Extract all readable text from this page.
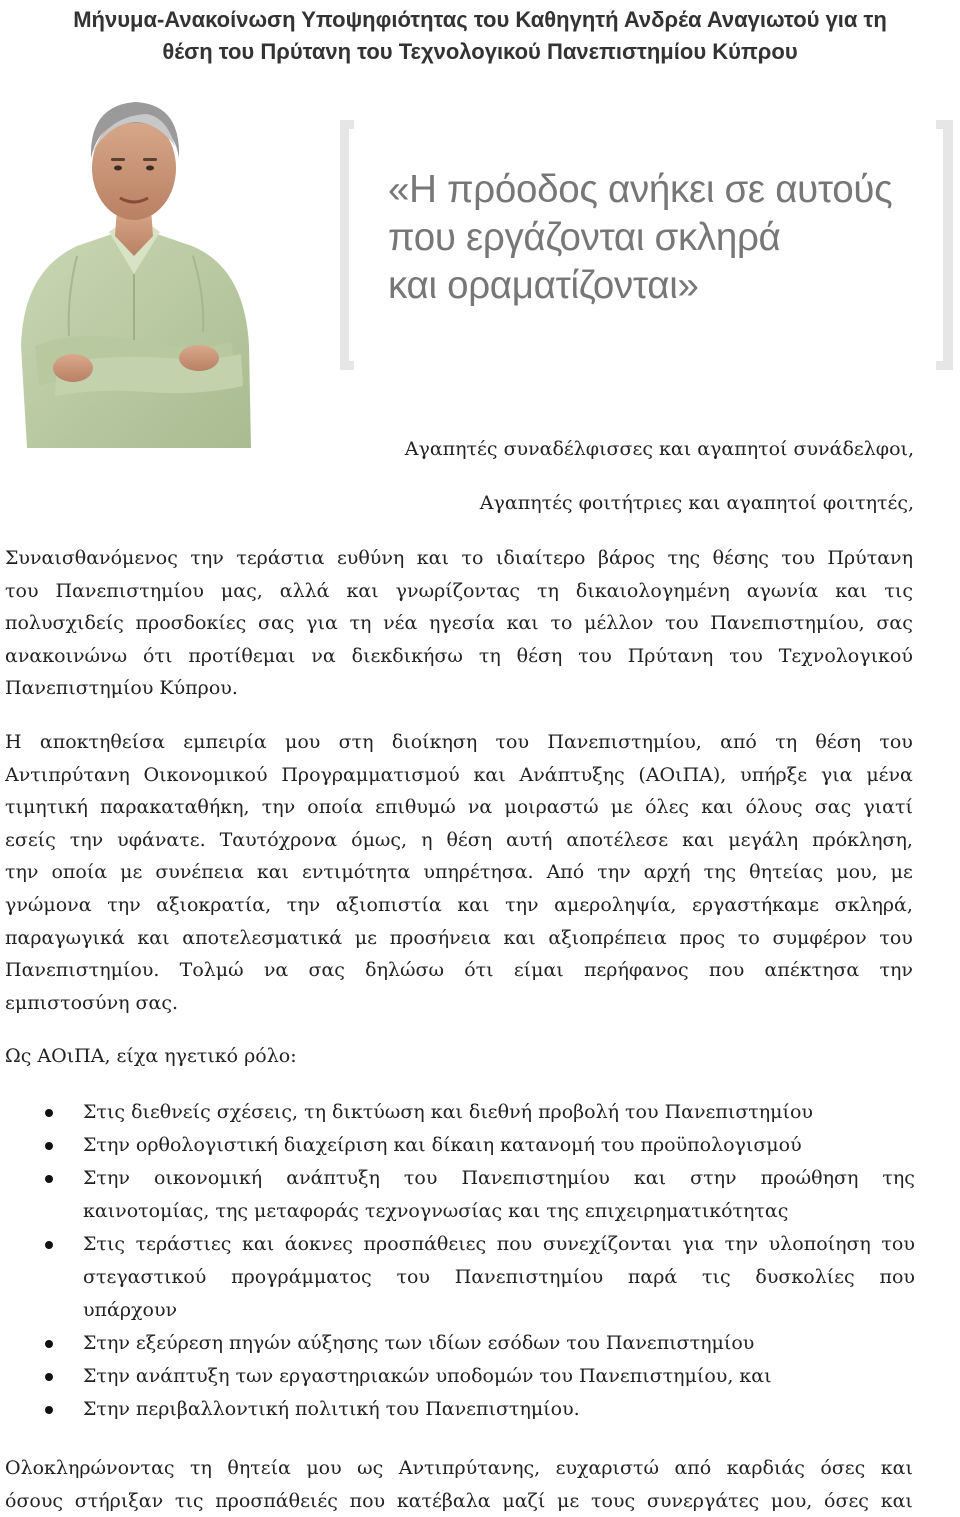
Μήνυμα-Ανακοίνωση Υποψηφιότητας του Καθηγητή Ανδρέα Αναγιωτού για τη
θέση του Πρύτανη του Τεχνολογικού Πανεπιστημίου Κύπρου
«Η πρόοδος ανήκει σε αυτούς
που εργάζονται σκληρά
και οραματίζονται»
Αγαπητές συναδέλφισσες και αγαπητοί συνάδελφοι,
Αγαπητές φοιτήτριες και αγαπητοί φοιτητές,
Συναισθανόμενος την τεράστια ευθύνη και το ιδιαίτερο βάρος της θέσης του Πρύτανη
του Πανεπιστημίου μας, αλλά και γνωρίζοντας τη δικαιολογημένη αγωνία και τις
πολυσχιδείς προσδοκίες σας για τη νέα ηγεσία και το μέλλον του Πανεπιστημίου, σας
ανακοινώνω ότι προτίθεμαι να διεκδικήσω τη θέση του Πρύτανη του Τεχνολογικού
Πανεπιστημίου Κύπρου.
Η αποκτηθείσα εμπειρία μου στη διοίκηση του Πανεπιστημίου, από τη θέση του
Αντιπρύτανη Οικονομικού Προγραμματισμού και Ανάπτυξης (ΑΟιΠΑ), υπήρξε για μένα
τιμητική παρακαταθήκη, την οποία επιθυμώ να μοιραστώ με όλες και όλους σας γιατί
εσείς την υφάνατε. Ταυτόχρονα όμως, η θέση αυτή αποτέλεσε και μεγάλη πρόκληση,
την οποία με συνέπεια και εντιμότητα υπηρέτησα. Από την αρχή της θητείας μου, με
γνώμονα την αξιοκρατία, την αξιοπιστία και την αμεροληψία, εργαστήκαμε σκληρά,
παραγωγικά και αποτελεσματικά με προσήνεια και αξιοπρέπεια προς το συμφέρον του
Πανεπιστημίου. Τολμώ να σας δηλώσω ότι είμαι περήφανος που απέκτησα την
εμπιστοσύνη σας.
Ως ΑΟιΠΑ, είχα ηγετικό ρόλο:
Στις διεθνείς σχέσεις, τη δικτύωση και διεθνή προβολή του Πανεπιστημίου
Στην ορθολογιστική διαχείριση και δίκαιη κατανομή του προϋπολογισμού
Στην οικονομική ανάπτυξη του Πανεπιστημίου και στην προώθηση της
καινοτομίας, της μεταφοράς τεχνογνωσίας και της επιχειρηματικότητας
Στις τεράστιες και άοκνες προσπάθειες που συνεχίζονται για την υλοποίηση του
στεγαστικού προγράμματος του Πανεπιστημίου παρά τις δυσκολίες που
υπάρχουν
Στην εξεύρεση πηγών αύξησης των ιδίων εσόδων του Πανεπιστημίου
Στην ανάπτυξη των εργαστηριακών υποδομών του Πανεπιστημίου, και
Στην περιβαλλοντική πολιτική του Πανεπιστημίου.
Ολοκληρώνοντας τη θητεία μου ως Αντιπρύτανης, ευχαριστώ από καρδιάς όσες και
όσους στήριξαν τις προσπάθειές που κατέβαλα μαζί με τους συνεργάτες μου, όσες και
